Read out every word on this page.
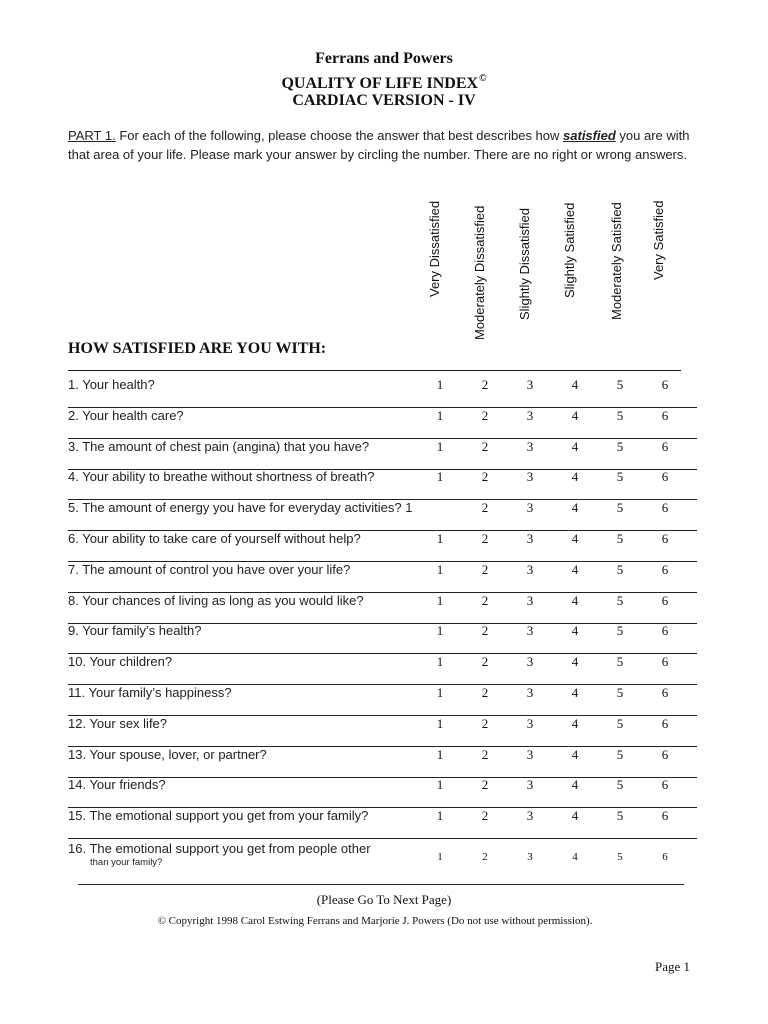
Ferrans and Powers
QUALITY OF LIFE INDEX©
CARDIAC VERSION - IV
PART 1. For each of the following, please choose the answer that best describes how satisfied you are with that area of your life. Please mark your answer by circling the number. There are no right or wrong answers.
Very Dissatisfied Moderately Dissatisfied Slightly Dissatisfied Slightly Satisfied Moderately Satisfied Very Satisfied
HOW SATISFIED ARE YOU WITH:
1. Your health?	1	2	3	4	5	6
2. Your health care?	1	2	3	4	5	6
3. The amount of chest pain (angina) that you have?	1	2	3	4	5	6
4. Your ability to breathe without shortness of breath?	1	2	3	4	5	6
5. The amount of energy you have for everyday activities? 1	2	3	4	5	6
6. Your ability to take care of yourself without help?	1	2	3	4	5	6
7. The amount of control you have over your life?	1	2	3	4	5	6
8. Your chances of living as long as you would like?	1	2	3	4	5	6
9. Your family’s health?	1	2	3	4	5	6
10. Your children?	1	2	3	4	5	6
11. Your family’s happiness?	1	2	3	4	5	6
12. Your sex life?	1	2	3	4	5	6
13. Your spouse, lover, or partner?	1	2	3	4	5	6
14. Your friends?	1	2	3	4	5	6
15. The emotional support you get from your family?	1	2	3	4	5	6
16. The emotional support you get from people other
than your family?	1	2	3	4	5	6
(Please Go To Next Page)
© Copyright 1998 Carol Estwing Ferrans and Marjorie J. Powers (Do not use without permission).
Page 1
